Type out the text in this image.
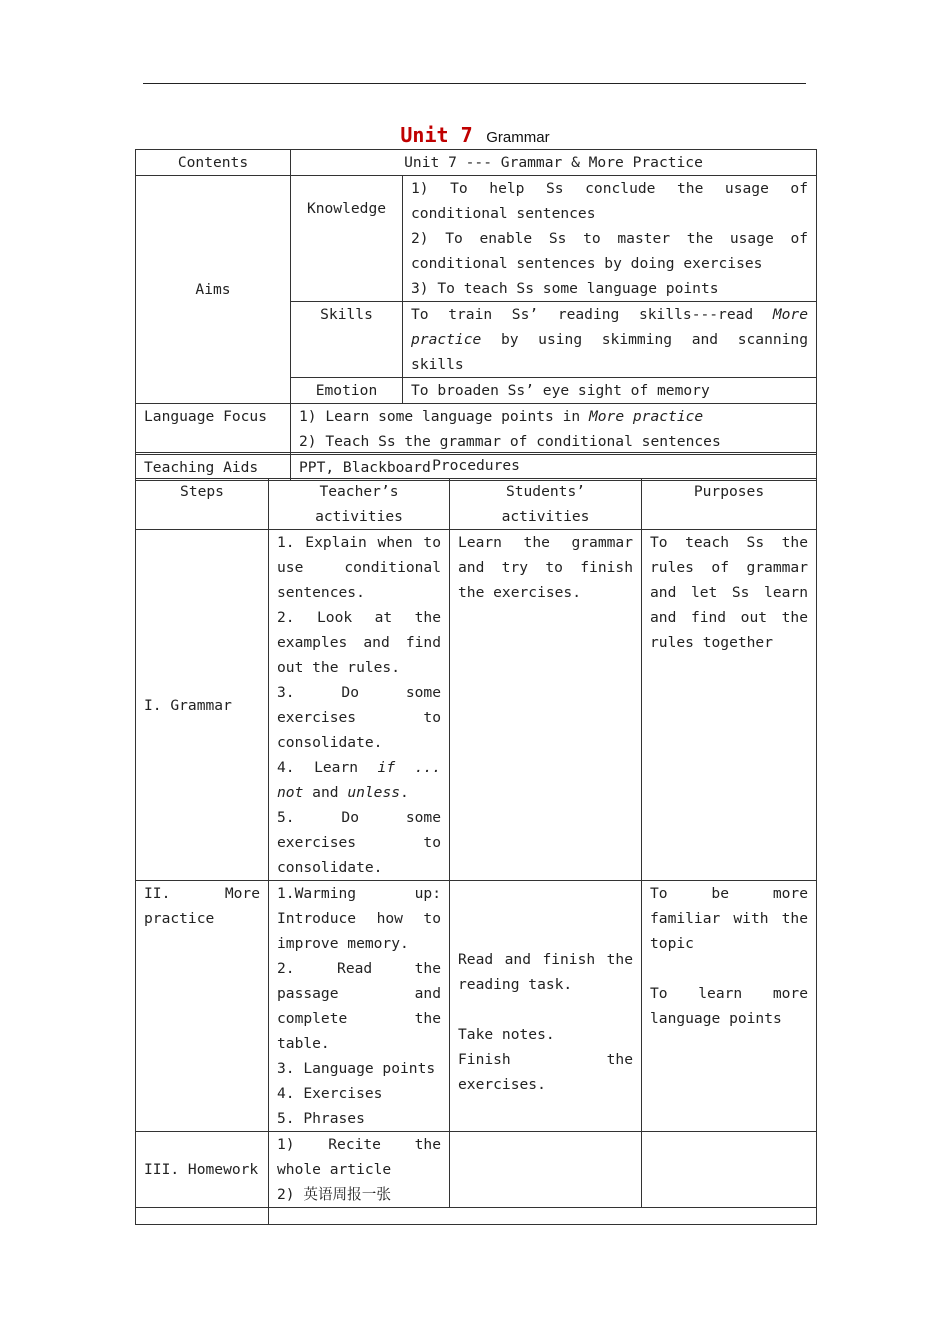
Unit 7 Grammar
Contents	Unit 7 --- Grammar & More Practice	
Aims	Knowledge	1) To help Ss conclude the usage of conditional sentences
2) To enable Ss to master the usage of conditional sentences by doing exercises
3) To teach Ss some language points

	Skills	To train Ss’ reading skills---read More practice by using skimming and scanning skills
	Emotion	To broaden Ss’ eye sight of memory
Language Focus	1) Learn some language points in More practice
2) Teach Ss the grammar of conditional sentences	

Teaching Aids	PPT, Blackboard	Procedures			
Steps	Teacher’s activities	Students’ activities	Purposes
I. Grammar	1. Explain when to use conditional sentences.
2. Look at the examples and find out the rules.
3. Do some exercises to consolidate.
4. Learn if ... not and unless.
5. Do some exercises to consolidate.	Learn the grammar and try to finish the exercises.	To teach Ss the rules of grammar and let Ss learn and find out the rules together
II. More practice	1.Warming up: Introduce how to improve memory.
2. Read the passage and complete the table.
3. Language points
4. Exercises
5. Phrases	Read and finish the reading task.
Take notes.
Finish the exercises.	To be more familiar with the topic
To learn more language points

III. Homework	1) Recite the whole article
2) 英语周报一张		
